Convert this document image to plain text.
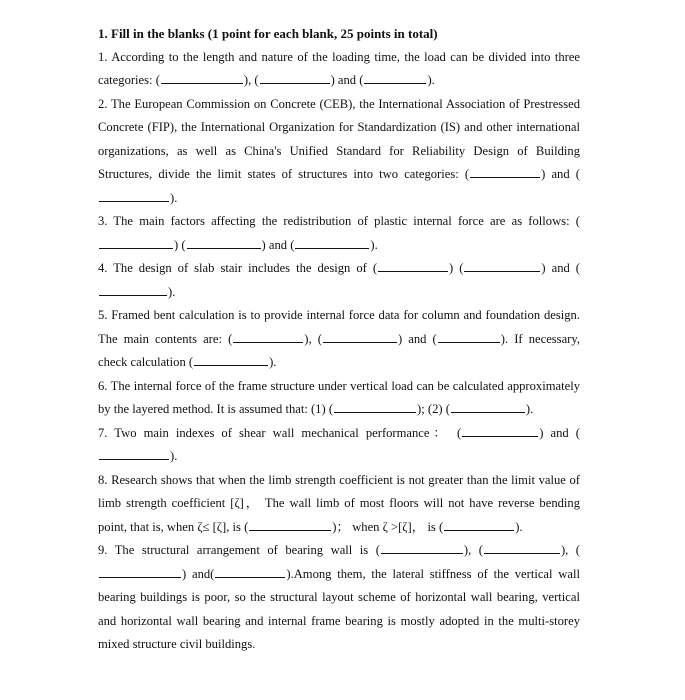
1. Fill in the blanks (1 point for each blank, 25 points in total)
1. According to the length and nature of the loading time, the load can be divided into three categories: (	), (	) and (	).
2. The European Commission on Concrete (CEB), the International Association of Prestressed Concrete (FIP), the International Organization for Standardization (IS) and other international organizations, as well as China's Unified Standard for Reliability Design of Building Structures, divide the limit states of structures into two categories: (	) and ().
3. The main factors affecting the redistribution of plastic internal force are as follows: () (	) and (	).
4. The design of slab stair includes the design of (	) (	) and ().
5. Framed bent calculation is to provide internal force data for column and foundation design. The main contents are: (	), (	) and (	). If necessary, check calculation (	).
6. The internal force of the frame structure under vertical load can be calculated approximately by the layered method. It is assumed that: (1) (	); (2) (	).
7. Two main indexes of shear wall mechanical performance： (	) and ().
8. Research shows that when the limb strength coefficient is not greater than the limit value of limb strength coefficient [ζ]， The wall limb of most floors will not have reverse bending point, that is, when ζ≤ [ζ], is (	)； when ζ >[ζ]， is (	).
9. The structural arrangement of bearing wall is (	), (	), () and(	).Among them, the lateral stiffness of the vertical wall bearing buildings is poor, so the structural layout scheme of horizontal wall bearing, vertical and horizontal wall bearing and internal frame bearing is mostly adopted in the multi-storey mixed structure civil buildings.
